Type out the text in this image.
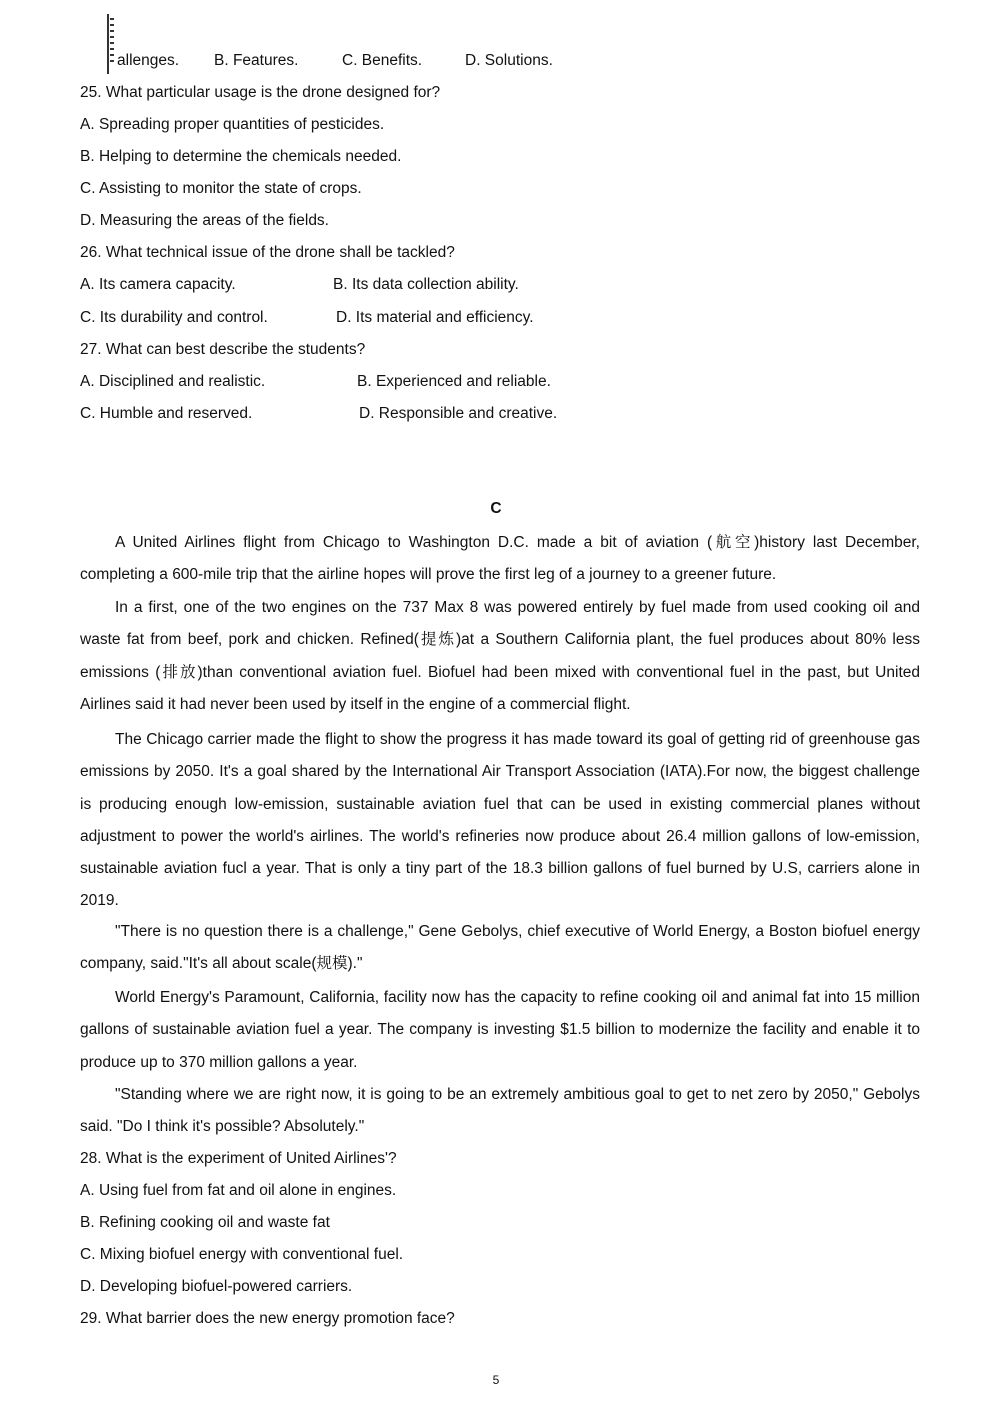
allenges. B. Features.	C. Benefits.	D. Solutions.
25. What particular usage is the drone designed for?
A. Spreading proper quantities of pesticides.
B. Helping to determine the chemicals needed.
C. Assisting to monitor the state of crops.
D. Measuring the areas of the fields.
26. What technical issue of the drone shall be tackled?
A. Its camera capacity.	B. Its data collection ability.
C. Its durability and control.	D. Its material and efficiency.
27. What can best describe the students?
A. Disciplined and realistic.	B. Experienced and reliable.
C. Humble and reserved.	D. Responsible and creative.
C
A United Airlines flight from Chicago to Washington D.C. made a bit of aviation (航空)history last December, completing a 600-mile trip that the airline hopes will prove the first leg of a journey to a greener future.
In a first, one of the two engines on the 737 Max 8 was powered entirely by fuel made from used cooking oil and waste fat from beef, pork and chicken. Refined(提炼)at a Southern California plant, the fuel produces about 80% less emissions (排放)than conventional aviation fuel. Biofuel had been mixed with conventional fuel in the past, but United Airlines said it had never been used by itself in the engine of a commercial flight.
The Chicago carrier made the flight to show the progress it has made toward its goal of getting rid of greenhouse gas emissions by 2050. It's a goal shared by the International Air Transport Association (IATA).For now, the biggest challenge is producing enough low-emission, sustainable aviation fuel that can be used in existing commercial planes without adjustment to power the world's airlines. The world's refineries now produce about 26.4 million gallons of low-emission, sustainable aviation fucl a year. That is only a tiny part of the 18.3 billion gallons of fuel burned by U.S, carriers alone in 2019.
"There is no question there is a challenge," Gene Gebolys, chief executive of World Energy, a Boston biofuel energy company, said."It's all about scale(规模)."
World Energy's Paramount, California, facility now has the capacity to refine cooking oil and animal fat into 15 million gallons of sustainable aviation fuel a year. The company is investing $1.5 billion to modernize the facility and enable it to produce up to 370 million gallons a year.
"Standing where we are right now, it is going to be an extremely ambitious goal to get to net zero by 2050," Gebolys said. "Do I think it's possible? Absolutely."
28. What is the experiment of United Airlines'?
A. Using fuel from fat and oil alone in engines.
B. Refining cooking oil and waste fat
C. Mixing biofuel energy with conventional fuel.
D. Developing biofuel-powered carriers.
29. What barrier does the new energy promotion face?
5
